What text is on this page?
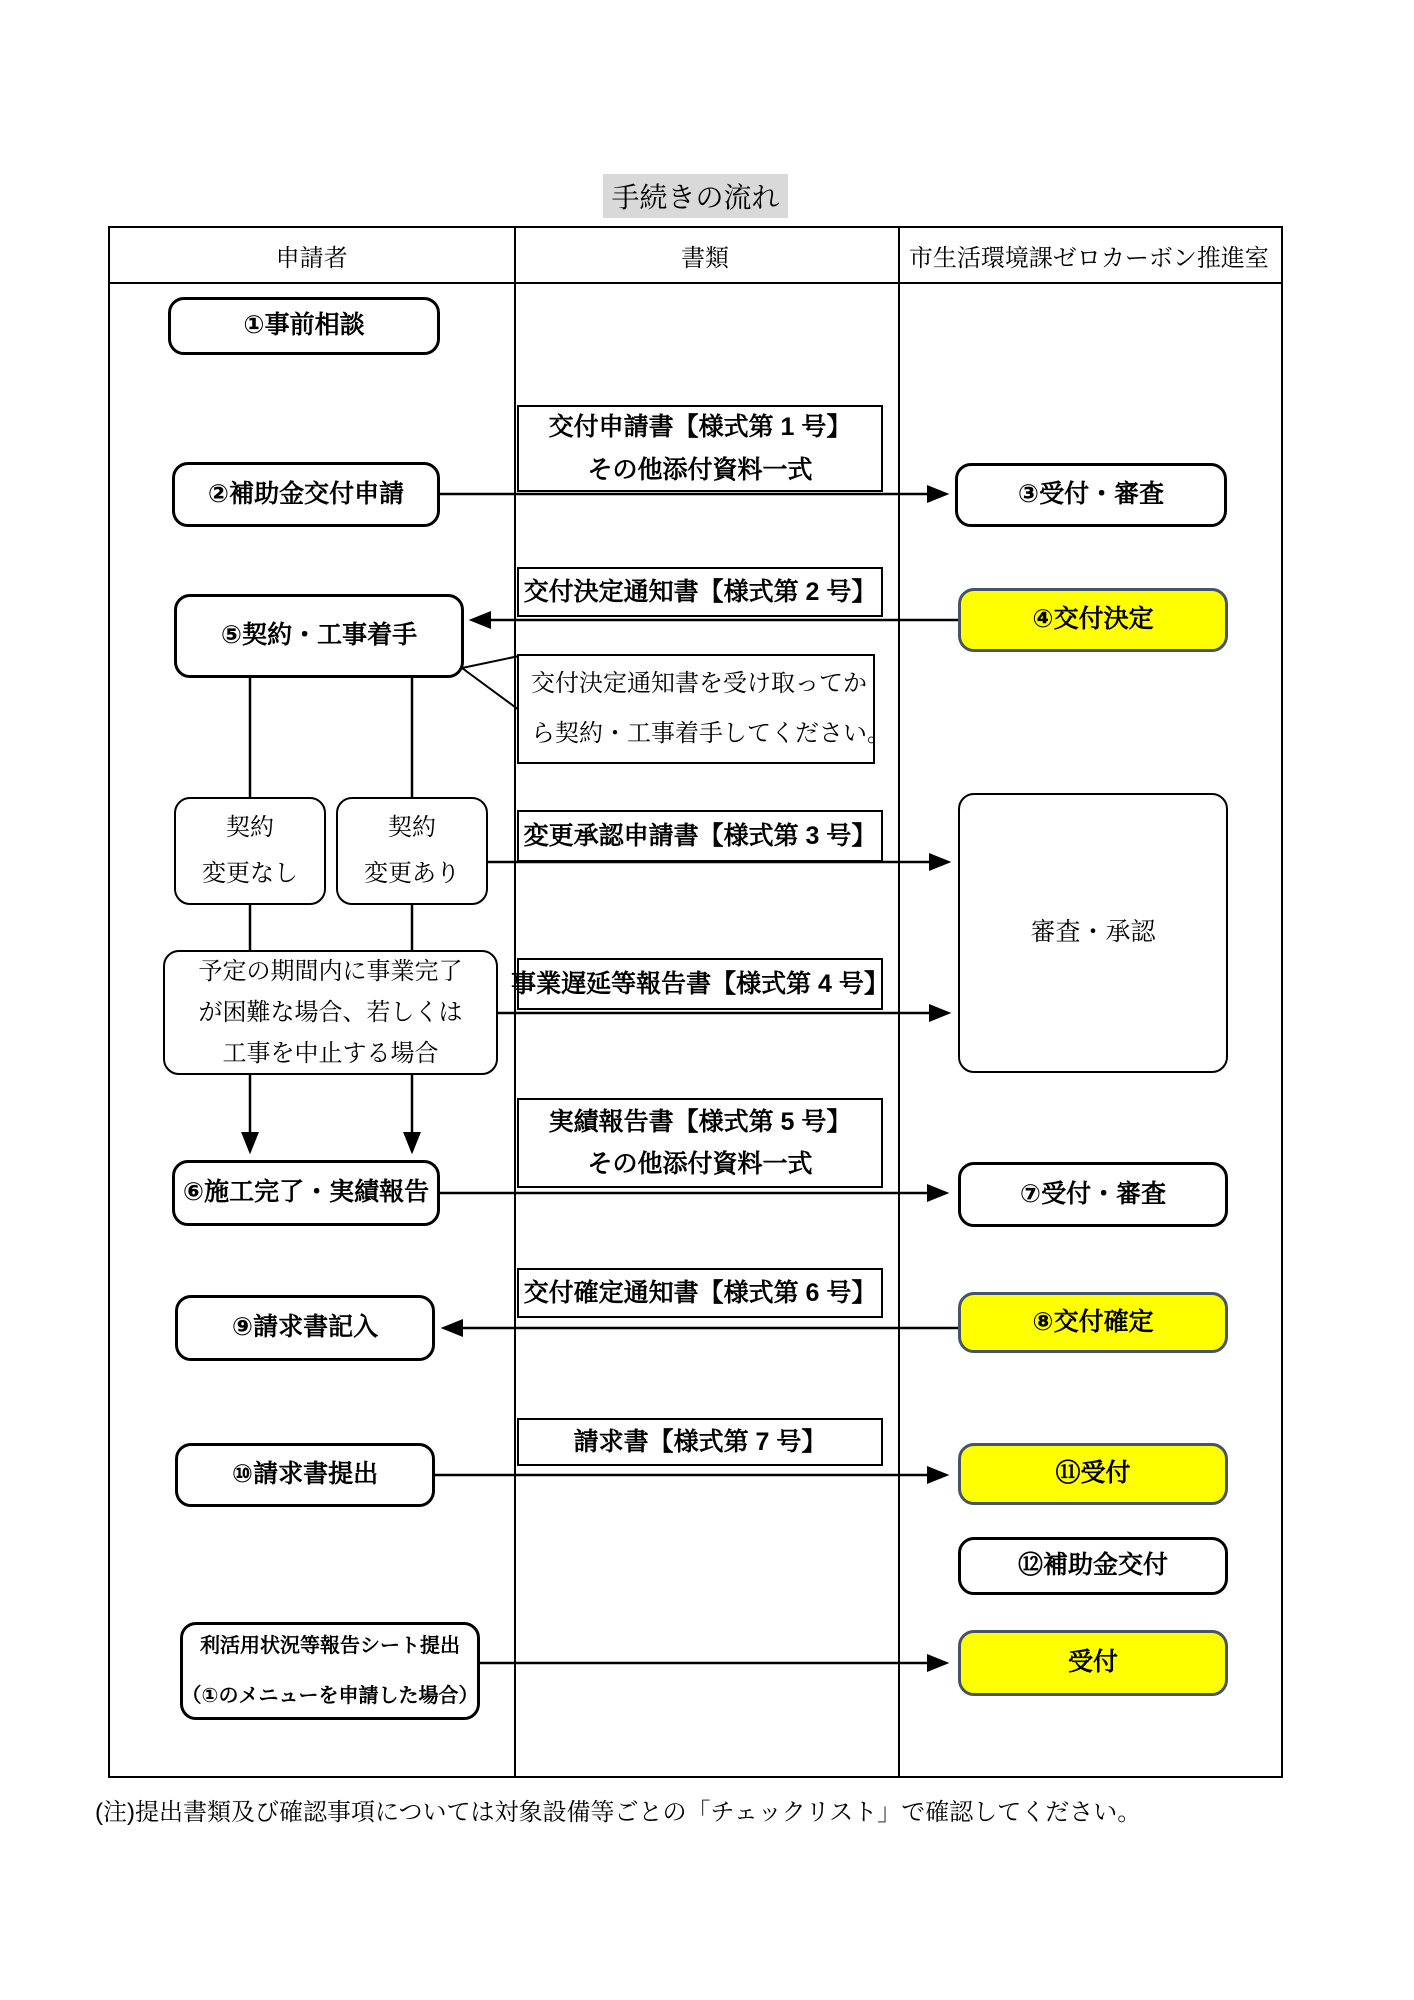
手続きの流れ
申請者	書類	市生活環境課ゼロカーボン推進室
①事前相談
②補助金交付申請
⑤契約・工事着手
契約
変更なし
契約
変更あり
予定の期間内に事業完了
が困難な場合、若しくは
工事を中止する場合
⑥施工完了・実績報告
⑨請求書記入
⑩請求書提出
利活用状況等報告シート提出
（①のメニューを申請した場合）
交付申請書【様式第 1 号】
その他添付資料一式
交付決定通知書【様式第 2 号】
交付決定通知書を受け取ってか
ら契約・工事着手してください。
変更承認申請書【様式第 3 号】
事業遅延等報告書【様式第 4 号】
実績報告書【様式第 5 号】
その他添付資料一式
交付確定通知書【様式第 6 号】
請求書【様式第 7 号】
③受付・審査
④交付決定
審査・承認
⑦受付・審査
⑧交付確定
⑪受付
⑫補助金交付
受付
(注)提出書類及び確認事項については対象設備等ごとの「チェックリスト」で確認してください。
